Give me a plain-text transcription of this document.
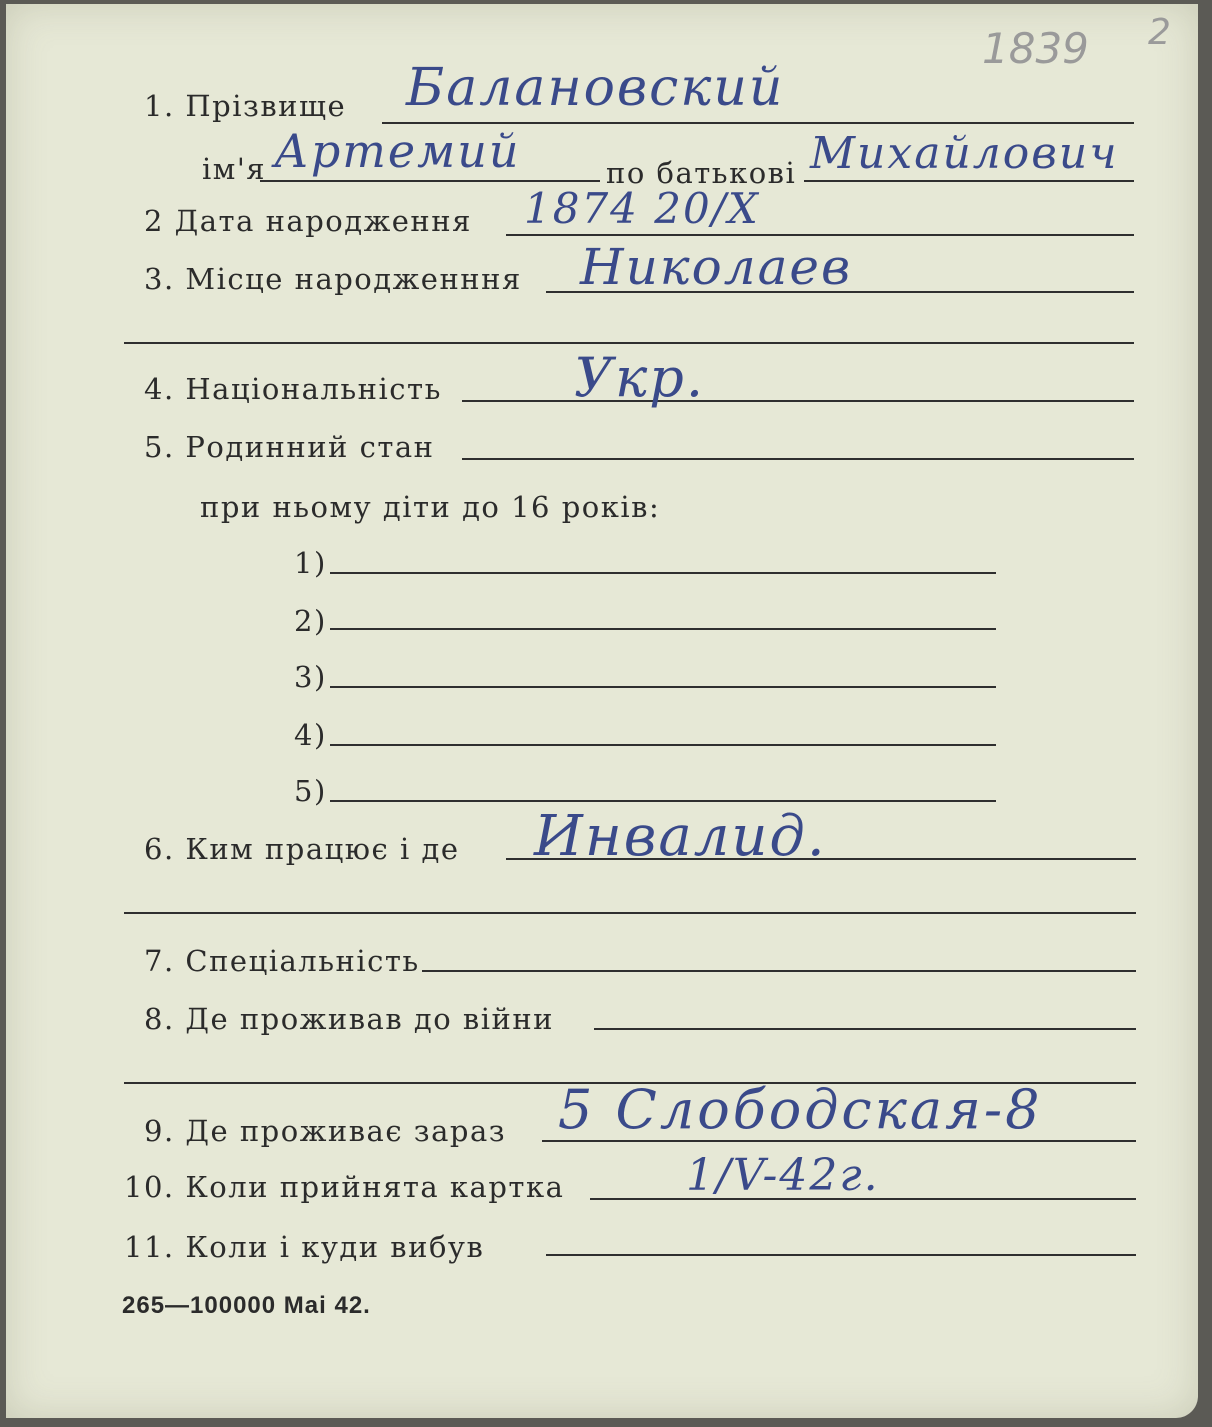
1839 2
1. Прізвище Балановский
ім'я Артемий	по батькові Михайлович
2 Дата народження 1874 20/X
3. Місце народженння Николаев
4. Національність Укр.
5. Родинний стан
при ньому діти до 16 років:
1)
2)
3)
4)
5)
6. Ким працює і де Инвалид.
7. Спеціальність
8. Де проживав до війни
9. Де проживає зараз 5 Слободская-8
10. Коли прийнята картка	1/V-42г.
11. Коли і куди вибув
265—100000 Mai 42.
